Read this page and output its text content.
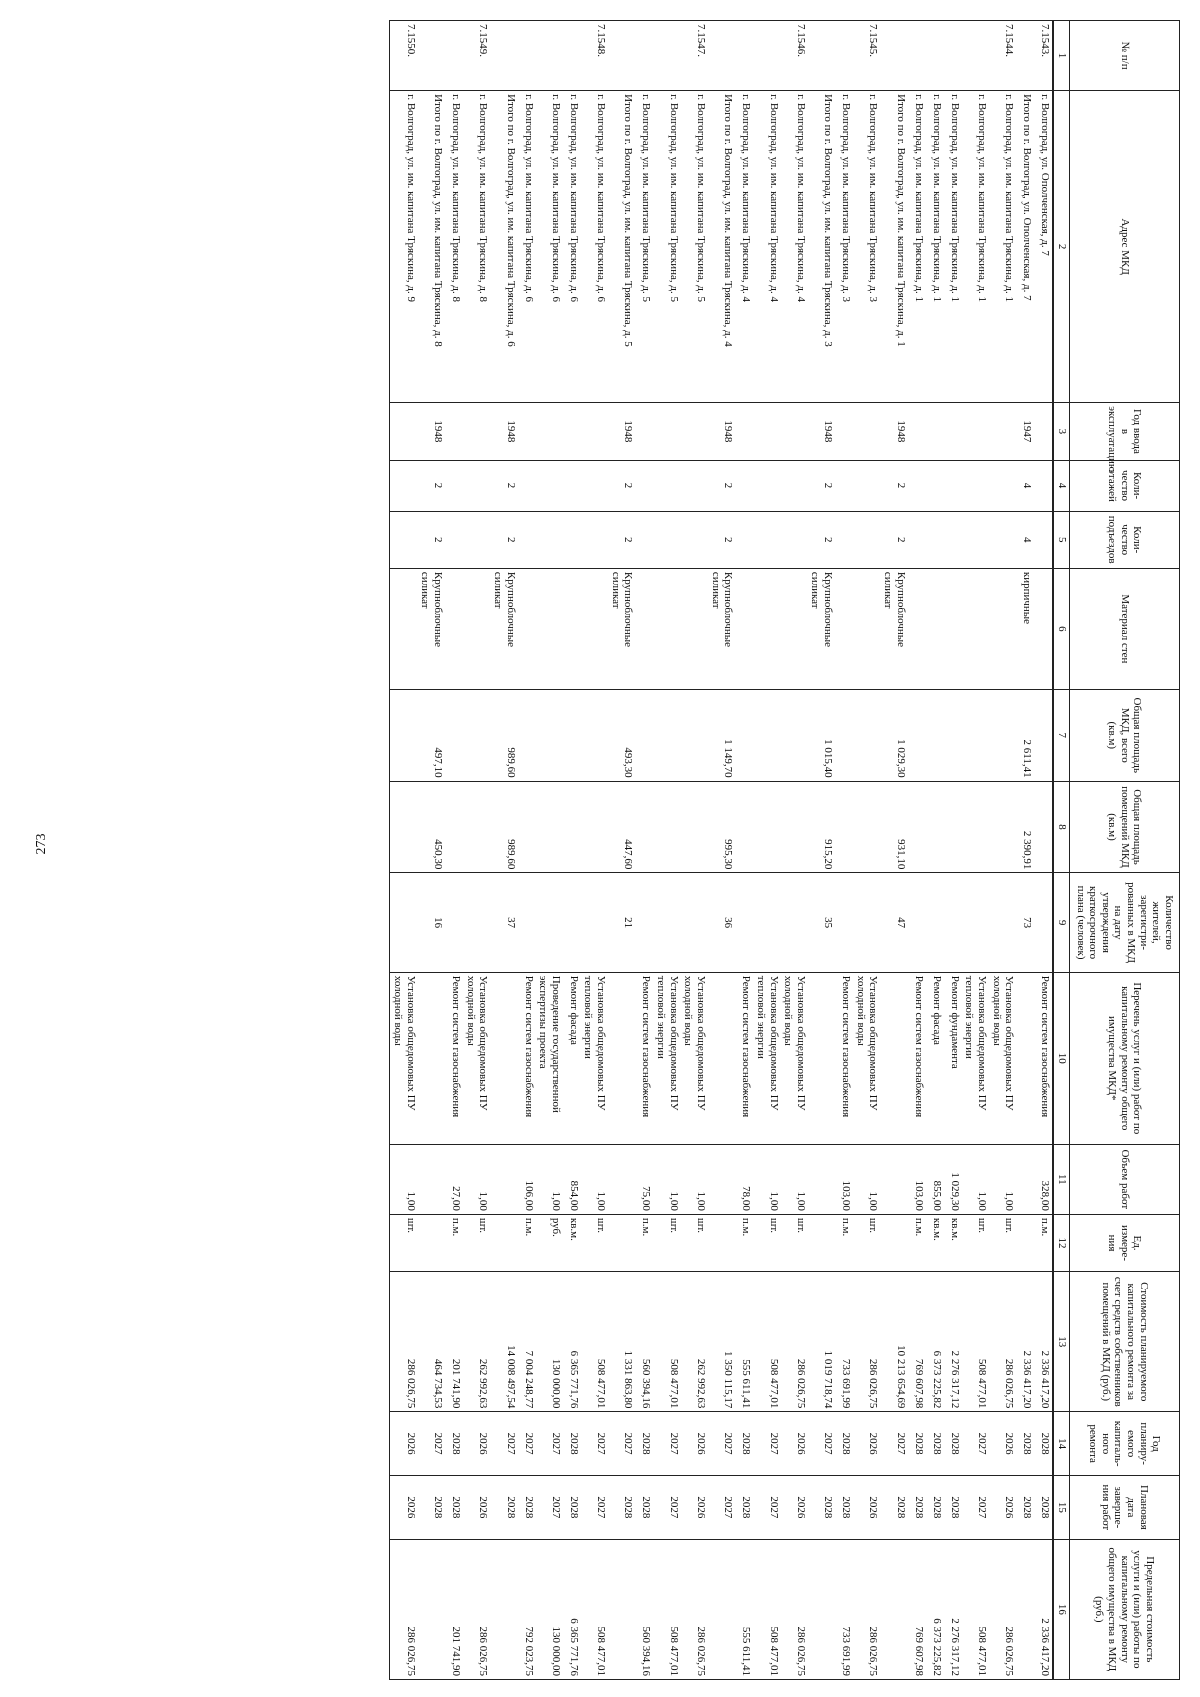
273
№ п/п	Адрес МКД	Год ввода в эксплуатацию	Коли-чество этажей	Коли-чество подъездов	Материал стен	Общая площадь МКД, всего (кв.м)	Общая площадь помещений МКД (кв.м)	Количество жителей, зарегистри-рованных в МКД на дату утверждения краткосрочного плана (человек)	Перечень услуг и (или) работ по капитальному ремонту общего имущества МКД*	Объем работ	Ед. измере-ния	Стоимость планируемого капитального ремонта за счет средств собственников помещений в МКД (руб.)	Год планиру-емого капиталь-ного ремонта	Плановая дата заверше-ния работ	Предельная стоимость услуги и (или) работы по капитальному ремонту общего имущества в МКД (руб.)
1	2	3	4	5	6	7	8	9	10	11	12	13	14	15	16
7.1543.	г. Волгоград, ул. Ополченская, д. 7								Ремонт систем газоснабжения	328,00	п.м.	2 336 417,20	2028	2028	2 336 417,20
	Итого по г. Волгоград, ул. Ополченская, д. 7	1947	4	4	кирпичные	2 611,41	2 390,91	73				2 336 417,20	2028	2028	
7.1544.	г. Волгоград, ул. им. капитана Тряскина, д. 1								Установка общедомовых ПУ холодной воды	1,00	шт.	286 026,75	2026	2026	286 026,75
	г. Волгоград, ул. им. капитана Тряскина, д. 1								Установка общедомовых ПУ тепловой энергии	1,00	шт.	508 477,01	2027	2027	508 477,01
	г. Волгоград, ул. им. капитана Тряскина, д. 1								Ремонт фундамента	1 029,30	кв.м.	2 276 317,12	2028	2028	2 276 317,12
	г. Волгоград, ул. им. капитана Тряскина, д. 1								Ремонт фасада	855,00	кв.м.	6 373 225,82	2028	2028	6 373 225,82
	г. Волгоград, ул. им. капитана Тряскина, д. 1								Ремонт систем газоснабжения	103,00	п.м.	769 607,98	2028	2028	769 607,98
	Итого по г. Волгоград, ул. им. капитана Тряскина, д. 1	1948	2	2	Крупноблочные силикат	1 029,30	931,10	47				10 213 654,69	2027	2028	
7.1545.	г. Волгоград, ул. им. капитана Тряскина, д. 3								Установка общедомовых ПУ холодной воды	1,00	шт.	286 026,75	2026	2026	286 026,75
	г. Волгоград, ул. им. капитана Тряскина, д. 3								Ремонт систем газоснабжения	103,00	п.м.	733 691,99	2028	2028	733 691,99
	Итого по г. Волгоград, ул. им. капитана Тряскина, д. 3	1948	2	2	Крупноблочные силикат	1 015,40	915,20	35				1 019 718,74	2027	2028	
7.1546.	г. Волгоград, ул. им. капитана Тряскина, д. 4								Установка общедомовых ПУ холодной воды	1,00	шт.	286 026,75	2026	2026	286 026,75
	г. Волгоград, ул. им. капитана Тряскина, д. 4								Установка общедомовых ПУ тепловой энергии	1,00	шт.	508 477,01	2027	2027	508 477,01
	г. Волгоград, ул. им. капитана Тряскина, д. 4								Ремонт систем газоснабжения	78,00	п.м.	555 611,41	2028	2028	555 611,41
	Итого по г. Волгоград, ул. им. капитана Тряскина, д. 4	1948	2	2	Крупноблочные силикат	1 149,70	995,30	36				1 350 115,17	2027	2027	
7.1547.	г. Волгоград, ул. им. капитана Тряскина, д. 5								Установка общедомовых ПУ холодной воды	1,00	шт.	262 992,63	2026	2026	286 026,75
	г. Волгоград, ул. им. капитана Тряскина, д. 5								Установка общедомовых ПУ тепловой энергии	1,00	шт.	508 477,01	2027	2027	508 477,01
	г. Волгоград, ул. им. капитана Тряскина, д. 5								Ремонт систем газоснабжения	75,00	п.м.	560 394,16	2028	2028	560 394,16
	Итого по г. Волгоград, ул. им. капитана Тряскина, д. 5	1948	2	2	Крупноблочные силикат	493,30	447,60	21				1 331 863,80	2027	2028	
7.1548.	г. Волгоград, ул. им. капитана Тряскина, д. 6								Установка общедомовых ПУ тепловой энергии	1,00	шт.	508 477,01	2027	2027	508 477,01
	г. Волгоград, ул. им. капитана Тряскина, д. 6								Ремонт фасада	854,00	кв.м.	6 365 771,76	2028	2028	6 365 771,76
	г. Волгоград, ул. им. капитана Тряскина, д. 6								Проведение государственной экспертизы проекта	1,00	руб.	130 000,00	2027	2027	130 000,00
	г. Волгоград, ул. им. капитана Тряскина, д. 6								Ремонт систем газоснабжения	106,00	п.м.	7 004 248,77	2027	2028	792 023,75
	Итого по г. Волгоград, ул. им. капитана Тряскина, д. 6	1948	2	2	Крупноблочные силикат	989,60	989,60	37				14 008 497,54	2027	2028	
7.1549.	г. Волгоград, ул. им. капитана Тряскина, д. 8								Установка общедомовых ПУ холодной воды	1,00	шт.	262 992,63	2026	2026	286 026,75
	г. Волгоград, ул. им. капитана Тряскина, д. 8								Ремонт систем газоснабжения	27,00	п.м.	201 741,90	2028	2028	201 741,90
	Итого по г. Волгоград, ул. им. капитана Тряскина, д. 8	1948	2	2	Крупноблочные силикат	497,10	450,30	16				464 734,53	2027	2028	
7.1550.	г. Волгоград, ул. им. капитана Тряскина, д. 9								Установка общедомовых ПУ холодной воды	1,00	шт.	286 026,75	2026	2026	286 026,75
